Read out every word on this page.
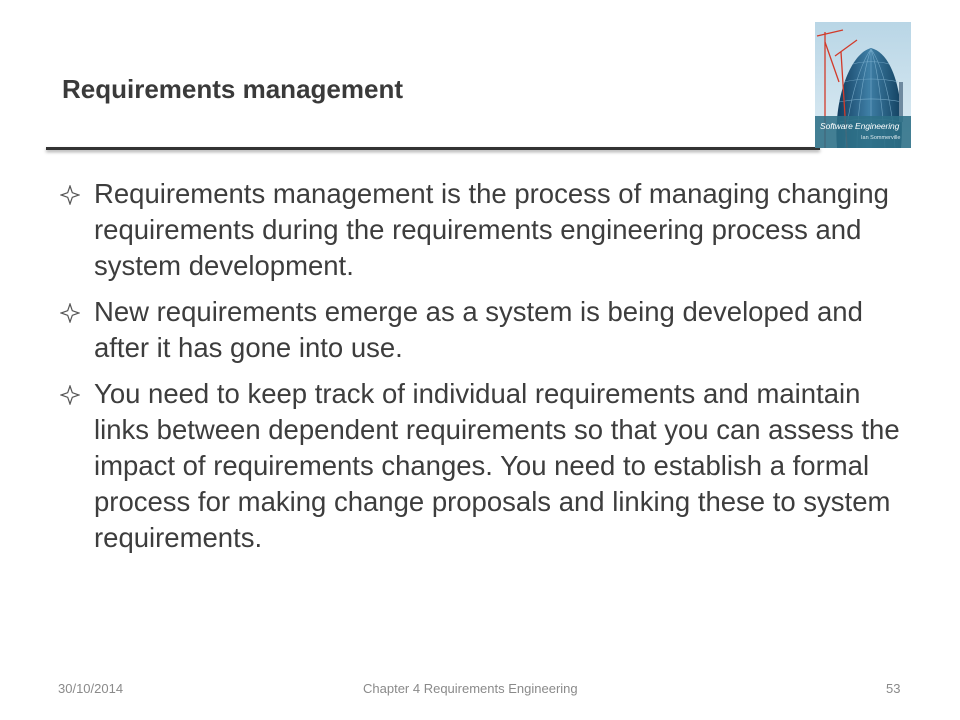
Requirements management
Software Engineering
Ian Sommerville
Requirements management is the process of managing changing requirements during the requirements engineering process and system development.
New requirements emerge as a system is being developed and after it has gone into use.
You need to keep track of individual requirements and maintain links between dependent requirements so that you can assess the impact of requirements changes. You need to establish a formal process for making change proposals and linking these to system requirements.
30/10/2014	Chapter 4 Requirements Engineering	53
